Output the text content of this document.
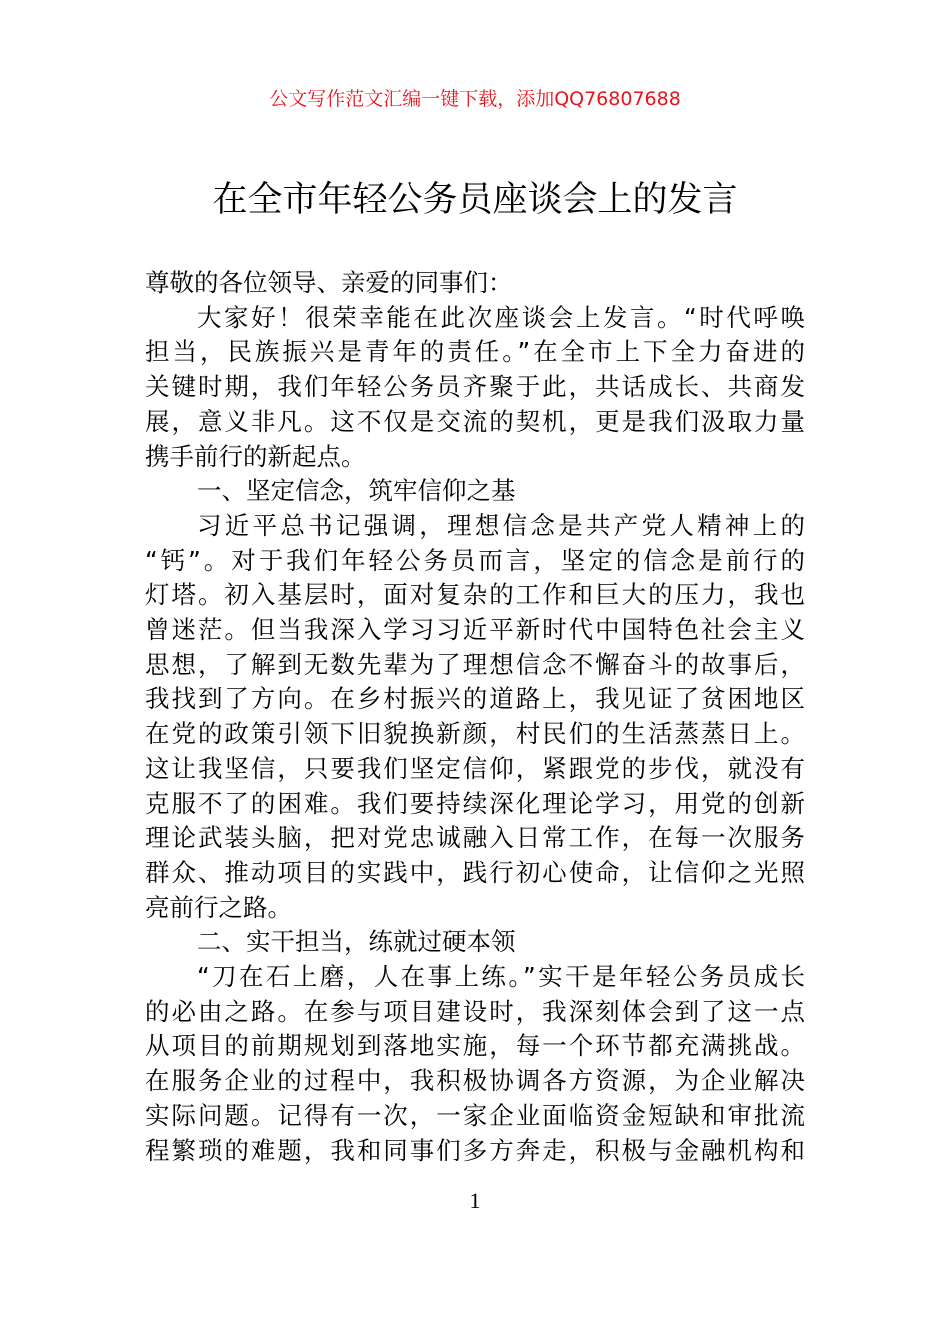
公文写作范文汇编一键下载，添加QQ76807688
在全市年轻公务员座谈会上的发言
尊敬的各位领导、亲爱的同事们：
大家好！很荣幸能在此次座谈会上发言。“时代呼唤
担当，民族振兴是青年的责任。”在全市上下全力奋进的
关键时期，我们年轻公务员齐聚于此，共话成长、共商发
展，意义非凡。这不仅是交流的契机，更是我们汲取力量
携手前行的新起点。
一、坚定信念，筑牢信仰之基
习近平总书记强调，理想信念是共产党人精神上的
“钙”。对于我们年轻公务员而言，坚定的信念是前行的
灯塔。初入基层时，面对复杂的工作和巨大的压力，我也
曾迷茫。但当我深入学习习近平新时代中国特色社会主义
思想，了解到无数先辈为了理想信念不懈奋斗的故事后，
我找到了方向。在乡村振兴的道路上，我见证了贫困地区
在党的政策引领下旧貌换新颜，村民们的生活蒸蒸日上。
这让我坚信，只要我们坚定信仰，紧跟党的步伐，就没有
克服不了的困难。我们要持续深化理论学习，用党的创新
理论武装头脑，把对党忠诚融入日常工作，在每一次服务
群众、推动项目的实践中，践行初心使命，让信仰之光照
亮前行之路。
二、实干担当，练就过硬本领
“刀在石上磨，人在事上练。”实干是年轻公务员成长
的必由之路。在参与项目建设时，我深刻体会到了这一点
从项目的前期规划到落地实施，每一个环节都充满挑战。
在服务企业的过程中，我积极协调各方资源，为企业解决
实际问题。记得有一次，一家企业面临资金短缺和审批流
程繁琐的难题，我和同事们多方奔走，积极与金融机构和
1
